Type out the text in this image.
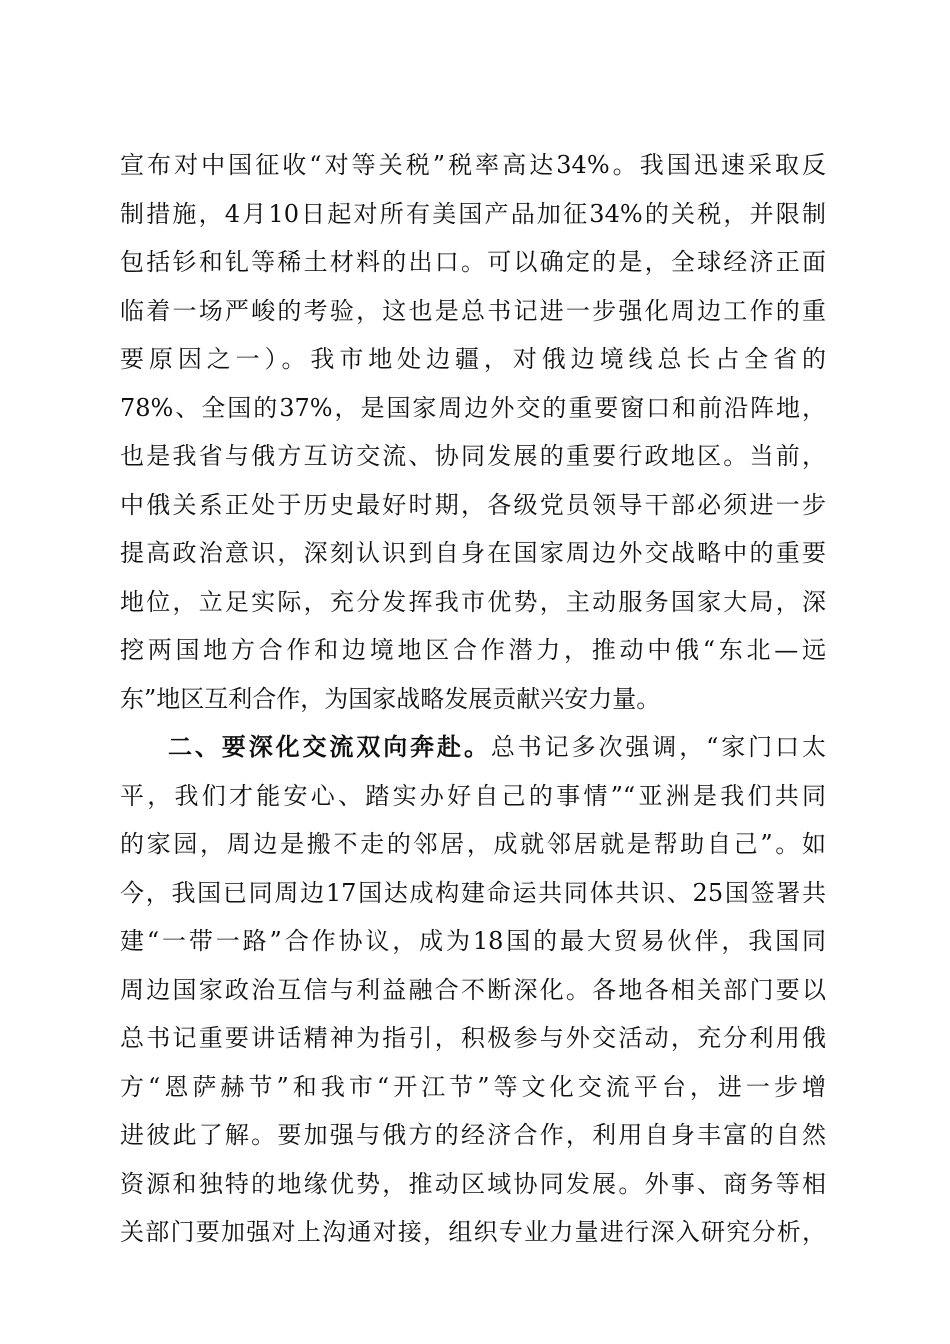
宣布对中国征收“对等关税”税率高达34%。我国迅速采取反
制措施，4月10日起对所有美国产品加征34%的关税，并限制
包括钐和钆等稀土材料的出口。可以确定的是，全球经济正面
临着一场严峻的考验，这也是总书记进一步强化周边工作的重
要原因之一）。我市地处边疆，对俄边境线总长占全省的
78%、全国的37%，是国家周边外交的重要窗口和前沿阵地，
也是我省与俄方互访交流、协同发展的重要行政地区。当前，
中俄关系正处于历史最好时期，各级党员领导干部必须进一步
提高政治意识，深刻认识到自身在国家周边外交战略中的重要
地位，立足实际，充分发挥我市优势，主动服务国家大局，深
挖两国地方合作和边境地区合作潜力，推动中俄“东北—远
东”地区互利合作，为国家战略发展贡献兴安力量。
二、要深化交流双向奔赴。总书记多次强调，“家门口太
平，我们才能安心、踏实办好自己的事情”“亚洲是我们共同
的家园，周边是搬不走的邻居，成就邻居就是帮助自己”。如
今，我国已同周边17国达成构建命运共同体共识、25国签署共
建“一带一路”合作协议，成为18国的最大贸易伙伴，我国同
周边国家政治互信与利益融合不断深化。各地各相关部门要以
总书记重要讲话精神为指引，积极参与外交活动，充分利用俄
方“恩萨赫节”和我市“开江节”等文化交流平台，进一步增
进彼此了解。要加强与俄方的经济合作，利用自身丰富的自然
资源和独特的地缘优势，推动区域协同发展。外事、商务等相
关部门要加强对上沟通对接，组织专业力量进行深入研究分析，
